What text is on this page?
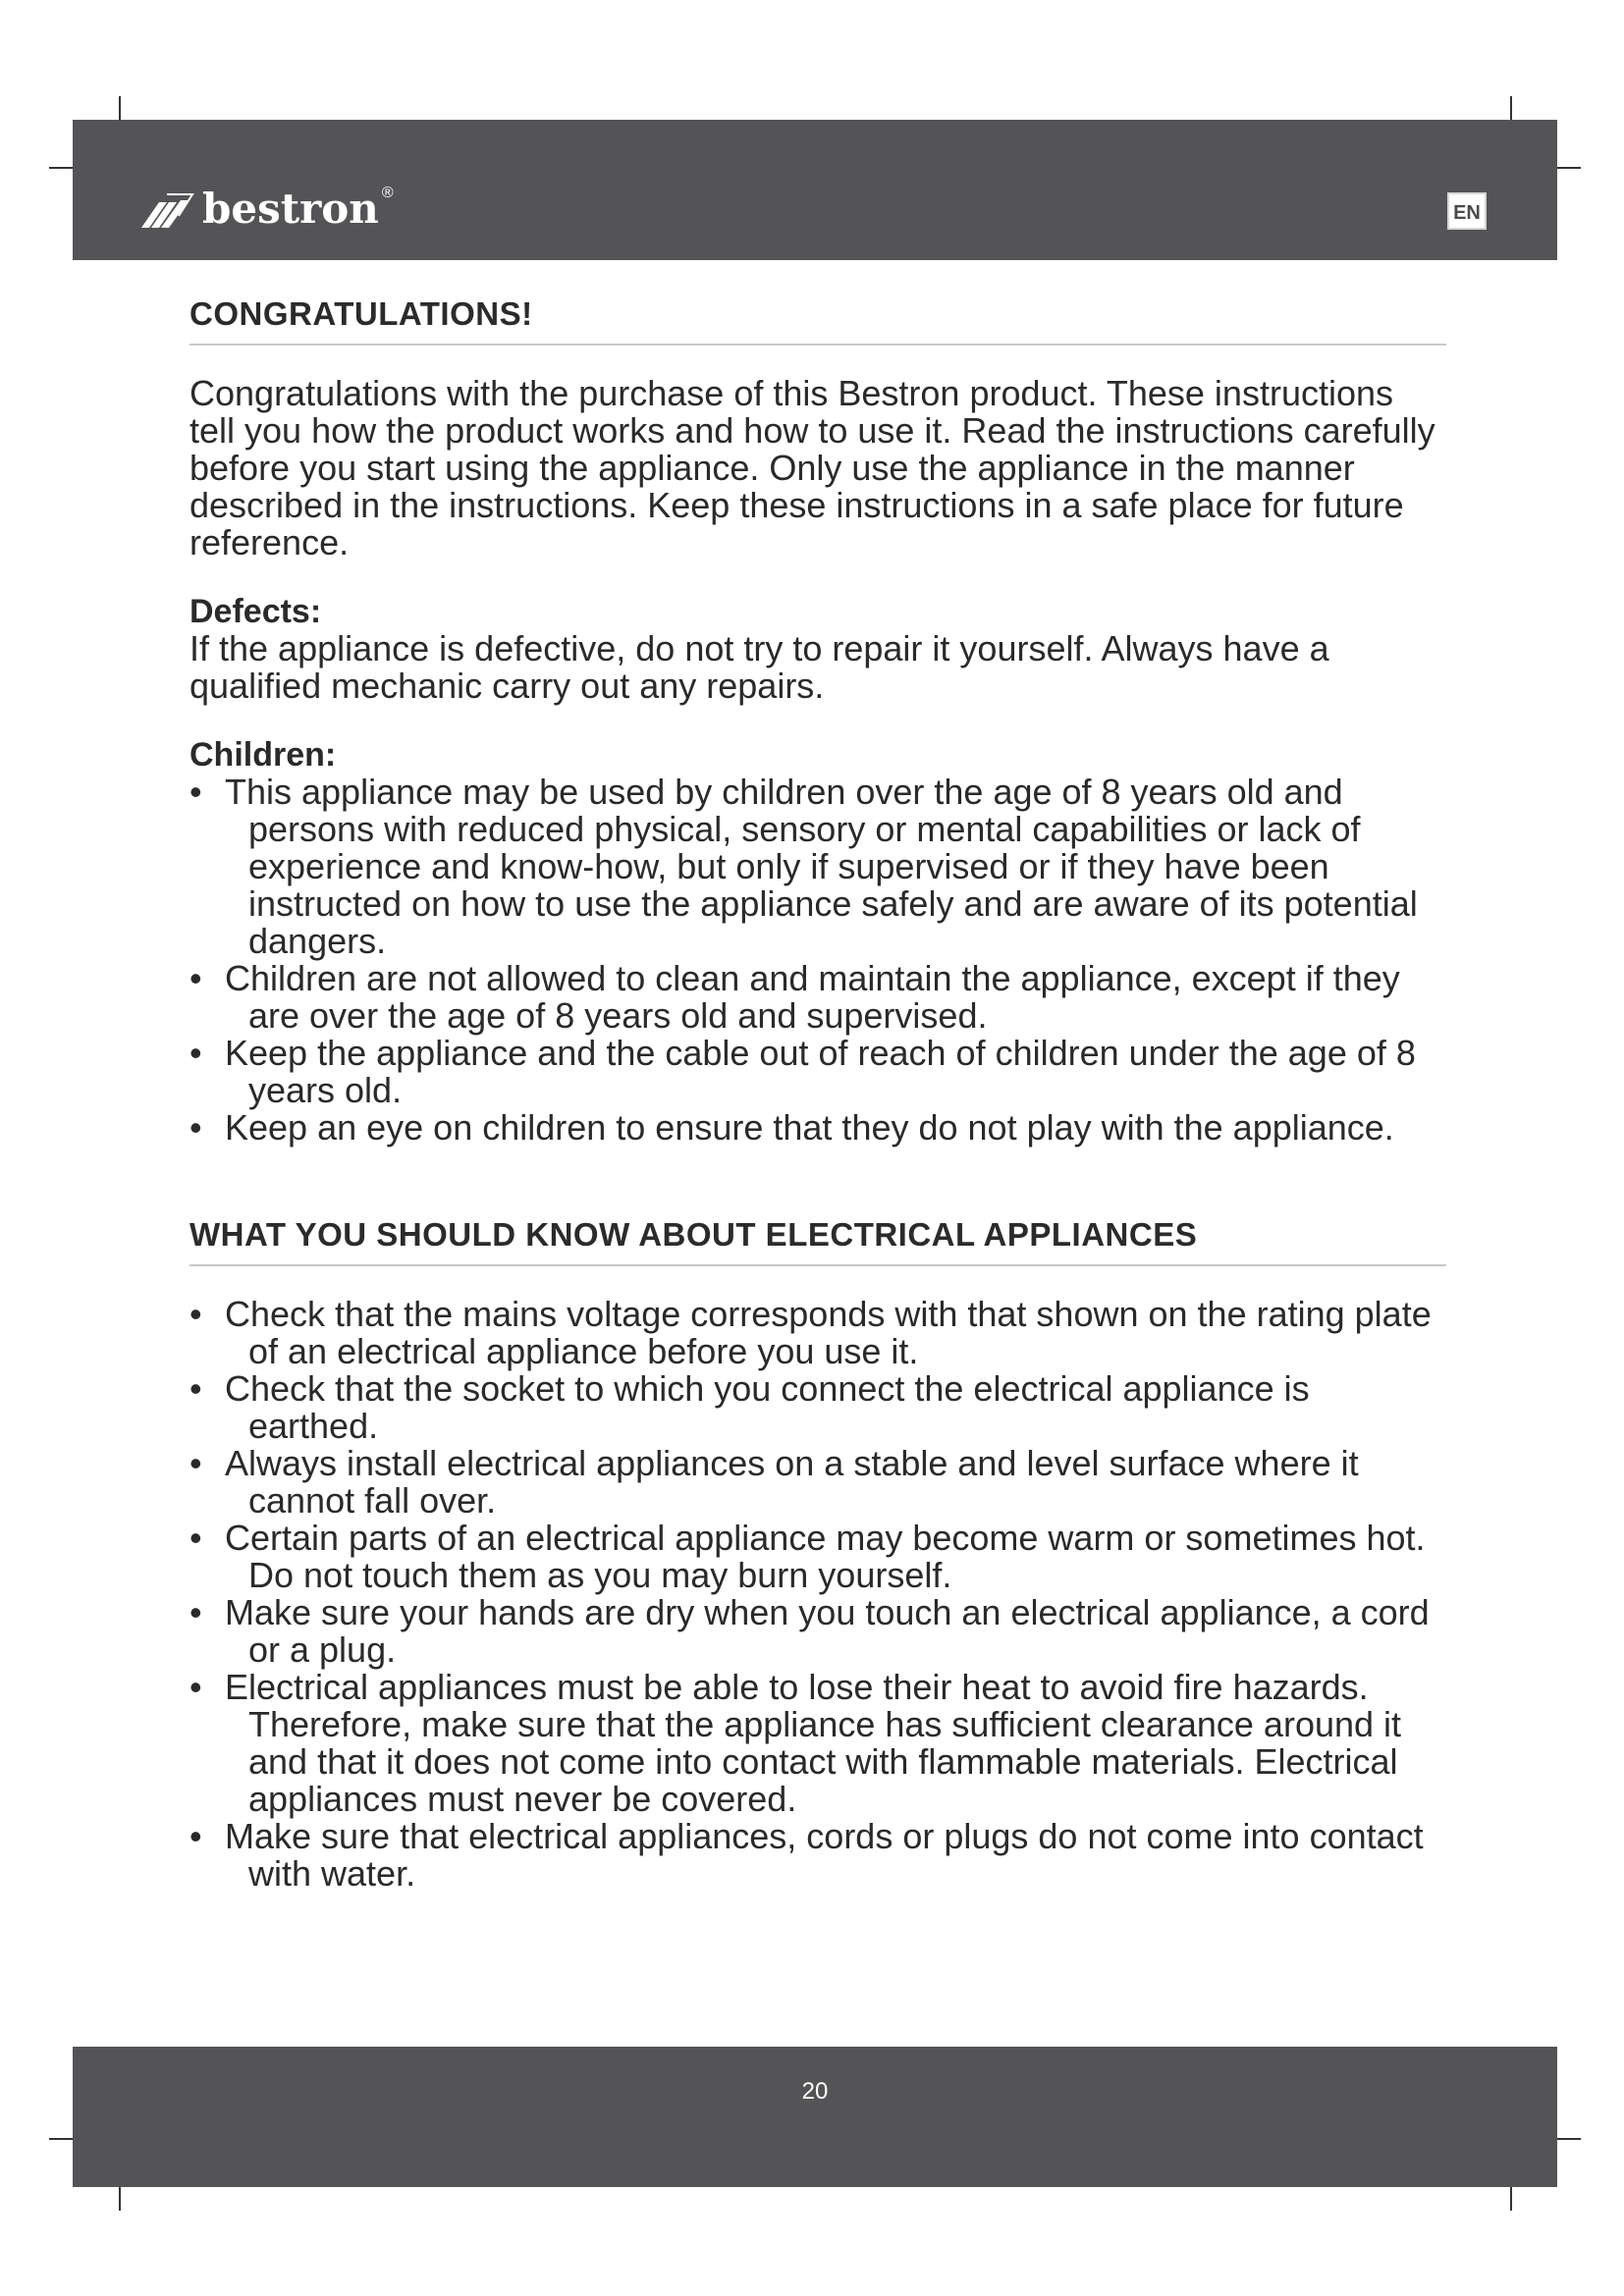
bestron ®
EN
CONGRATULATIONS!

Congratulations with the purchase of this Bestron product. These instructions tell you how the product works and how to use it. Read the instructions carefully before you start using the appliance. Only use the appliance in the manner described in the instructions. Keep these instructions in a safe place for future reference.

Defects:

If the appliance is defective, do not try to repair it yourself. Always have a qualified mechanic carry out any repairs.

Children:
• This appliance may be used by children over the age of 8 years old and persons with reduced physical, sensory or mental capabilities or lack of experience and know-how, but only if supervised or if they have been instructed on how to use the appliance safely and are aware of its potential dangers.
• Children are not allowed to clean and maintain the appliance, except if they are over the age of 8 years old and supervised.
• Keep the appliance and the cable out of reach of children under the age of 8 years old.
• Keep an eye on children to ensure that they do not play with the appliance.
WHAT YOU SHOULD KNOW ABOUT ELECTRICAL APPLIANCES
• Check that the mains voltage corresponds with that shown on the rating plate of an electrical appliance before you use it.
• Check that the socket to which you connect the electrical appliance is earthed.
• Always install electrical appliances on a stable and level surface where it cannot fall over.
• Certain parts of an electrical appliance may become warm or sometimes hot. Do not touch them as you may burn yourself.
• Make sure your hands are dry when you touch an electrical appliance, a cord or a plug.
• Electrical appliances must be able to lose their heat to avoid fire hazards. Therefore, make sure that the appliance has sufficient clearance around it and that it does not come into contact with flammable materials. Electrical appliances must never be covered.
• Make sure that electrical appliances, cords or plugs do not come into contact with water.
20
